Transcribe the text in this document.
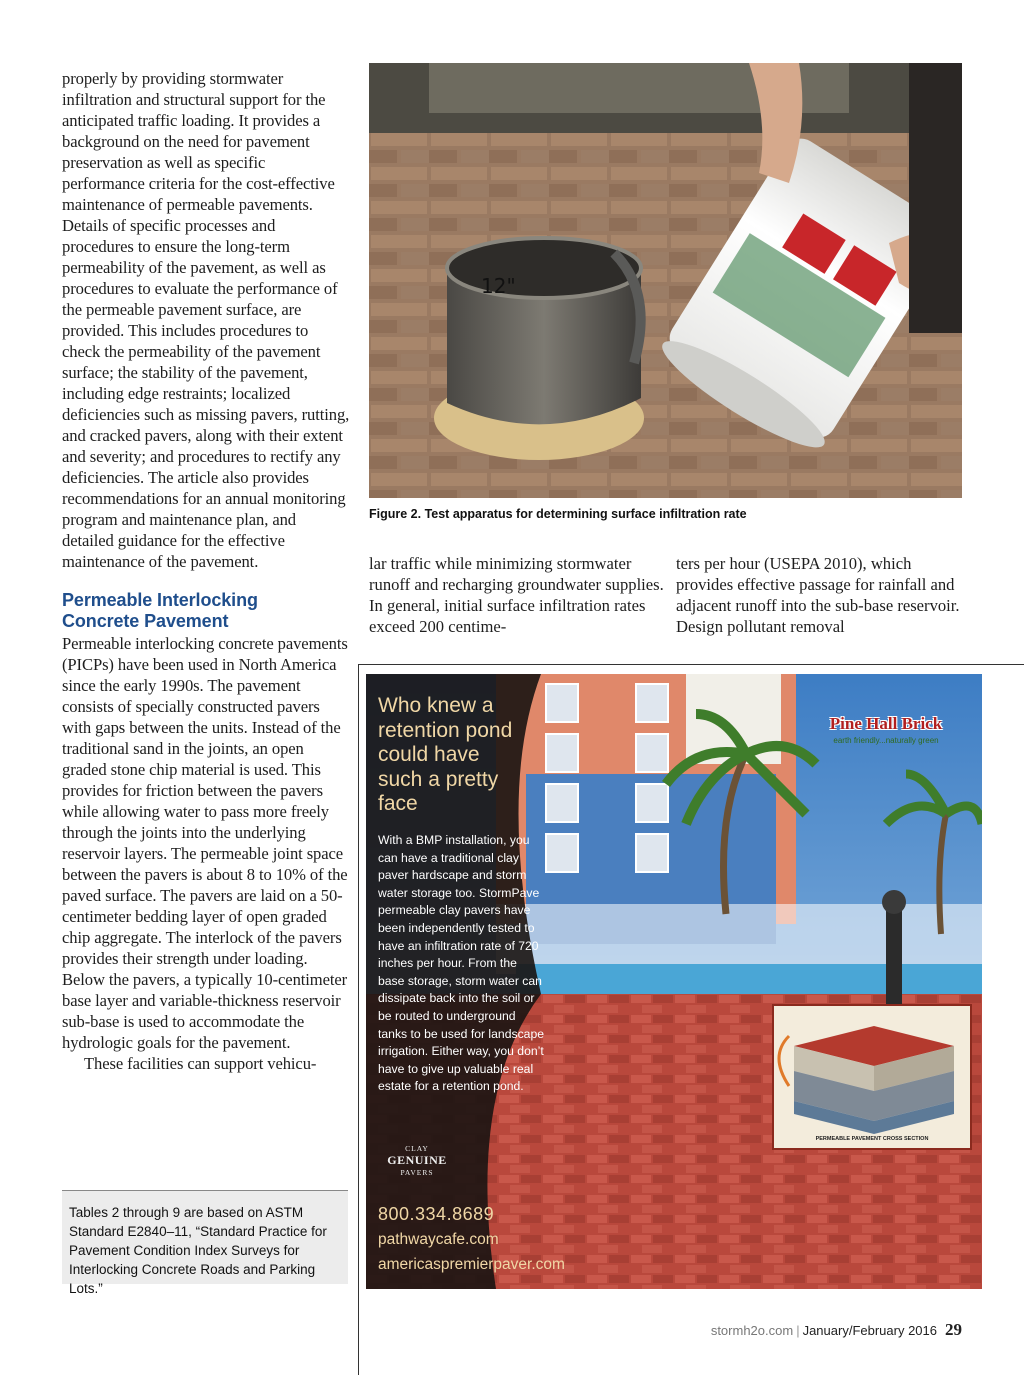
properly by providing stormwater infiltration and structural support for the anticipated traffic loading. It provides a background on the need for pavement preservation as well as specific performance criteria for the cost-effective maintenance of permeable pavements. Details of specific processes and procedures to ensure the long-term permeability of the pavement, as well as procedures to evaluate the performance of the permeable pavement surface, are provided. This includes procedures to check the permeability of the pavement surface; the stability of the pavement, including edge restraints; localized deficiencies such as missing pavers, rutting, and cracked pavers, along with their extent and severity; and procedures to rectify any deficiencies. The article also provides recommendations for an annual monitoring program and maintenance plan, and detailed guidance for the effective maintenance of the pavement.

Permeable Interlocking
Concrete Pavement

Permeable interlocking concrete pavements (PICPs) have been used in North America since the early 1990s. The pavement consists of specially constructed pavers with gaps between the units. Instead of the traditional sand in the joints, an open graded stone chip material is used. This provides for friction between the pavers while allowing water to pass more freely through the joints into the underlying reservoir layers. The permeable joint space between the pavers is about 8 to 10% of the paved surface. The pavers are laid on a 50-centimeter bedding layer of open graded chip aggregate. The interlock of the pavers provides their strength under loading. Below the pavers, a typically 10-centimeter base layer and variable-thickness reservoir sub-base is used to accommodate the hydrologic goals for the pavement.

These facilities can support vehicu-

Tables 2 through 9 are based on ASTM Standard E2840–11, “Standard Practice for Pavement Condition Index Surveys for Interlocking Concrete Roads and Parking Lots.”
12"
Figure 2. Test apparatus for determining surface infiltration rate

lar traffic while minimizing stormwater runoff and recharging groundwater supplies. In general, initial surface infiltration rates exceed 200 centime-

ters per hour (USEPA 2010), which provides effective passage for rainfall and adjacent runoff into the sub-base reservoir. Design pollutant removal

Who knew a retention pond could have such a pretty face
With a BMP installation, you can have a traditional clay paver hardscape and storm water storage too. StormPave permeable clay pavers have been independently tested to have an infiltration rate of 720 inches per hour. From the base storage, storm water can dissipate back into the soil or be routed to underground tanks to be used for landscape irrigation. Either way, you don’t have to give up valuable real estate for a retention pond.
Pine Hall Brick
earth friendly...naturally green
PERMEABLE PAVEMENT CROSS SECTION
CLAY
GENUINE
PAVERS
800.334.8689
pathwaycafe.com
americaspremierpaver.com
stormh2o.com | January/February 2016 29
